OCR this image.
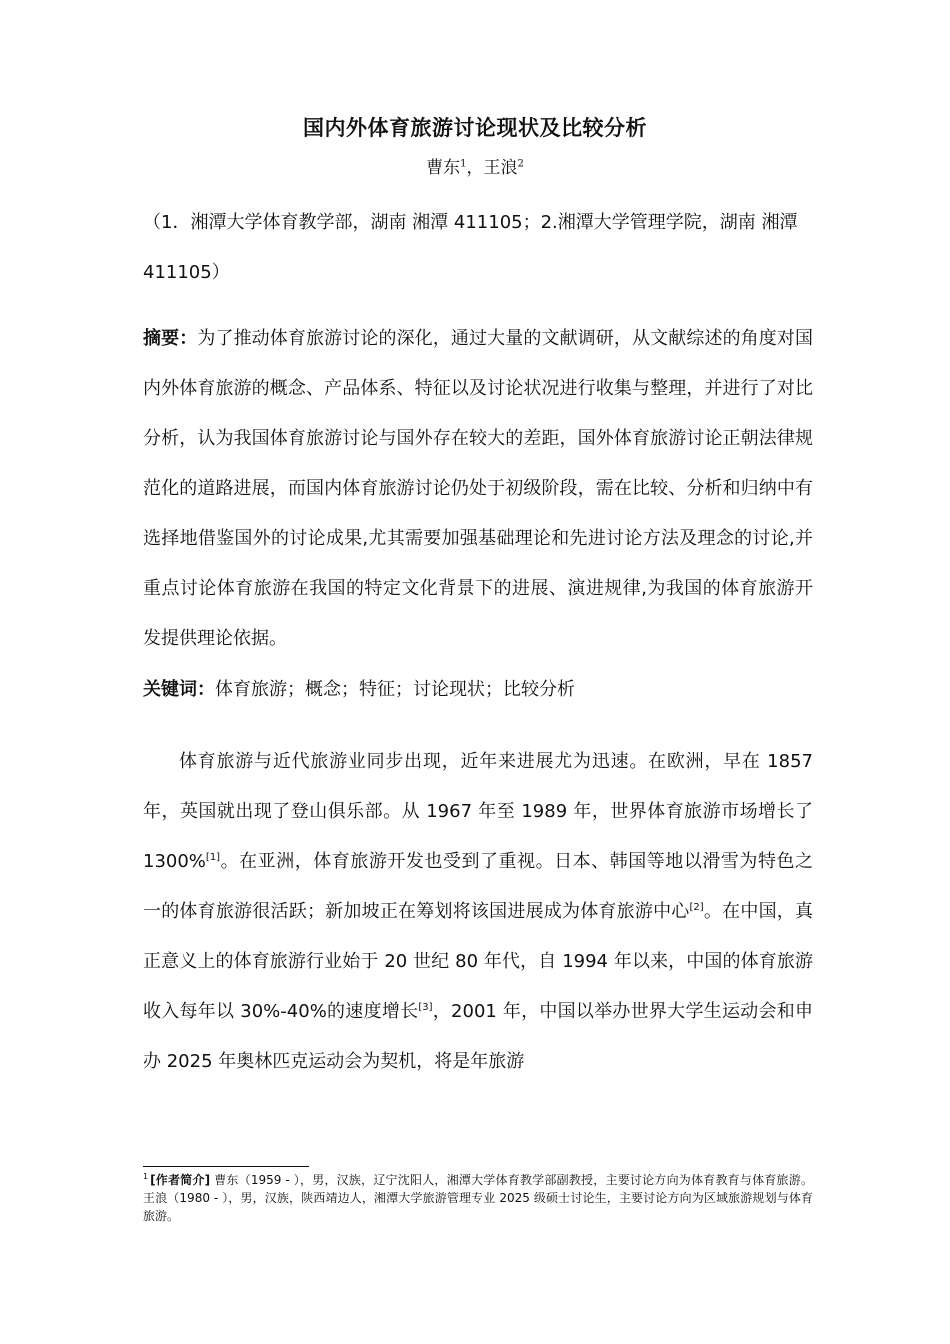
国内外体育旅游讨论现状及比较分析
曹东$^1$，王浪$^2$
（1．湘潭大学体育教学部，湖南 湘潭 411105；2.湘潭大学管理学院，湖南 湘潭 411105）
摘要：为了推动体育旅游讨论的深化，通过大量的文献调研，从文献综述的角度对国内外体育旅游的概念、产品体系、特征以及讨论状况进行收集与整理，并进行了对比分析，认为我国体育旅游讨论与国外存在较大的差距，国外体育旅游讨论正朝法律规范化的道路进展，而国内体育旅游讨论仍处于初级阶段，需在比较、分析和归纳中有选择地借鉴国外的讨论成果,尤其需要加强基础理论和先进讨论方法及理念的讨论,并重点讨论体育旅游在我国的特定文化背景下的进展、演进规律,为我国的体育旅游开发提供理论依据。
关键词：体育旅游；概念；特征；讨论现状；比较分析
体育旅游与近代旅游业同步出现，近年来进展尤为迅速。在欧洲，早在 1857 年，英国就出现了登山俱乐部。从 1967 年至 1989 年，世界体育旅游市场增长了 1300%[1]。在亚洲，体育旅游开发也受到了重视。日本、韩国等地以滑雪为特色之一的体育旅游很活跃；新加坡正在筹划将该国进展成为体育旅游中心[2]。在中国，真正意义上的体育旅游行业始于 20 世纪 80 年代，自 1994 年以来，中国的体育旅游收入每年以 30%-40%的速度增长[3]，2001 年，中国以举办世界大学生运动会和申办 2025 年奥林匹克运动会为契机，将是年旅游
$^1$ [作者简介] 曹东（1959 - ），男，汉族，辽宁沈阳人，湘潭大学体育教学部副教授，主要讨论方向为体育教育与体育旅游。王浪（1980 - ），男，汉族，陕西靖边人，湘潭大学旅游管理专业 2025 级硕士讨论生，主要讨论方向为区域旅游规划与体育旅游。
